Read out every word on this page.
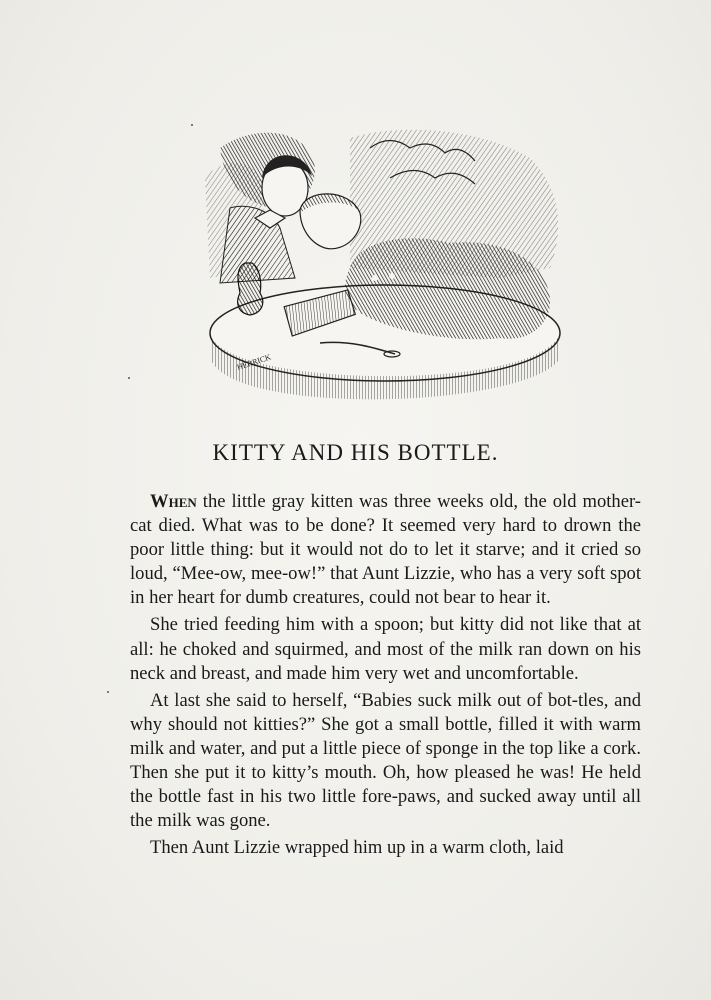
HERRICK
KITTY AND HIS BOTTLE.

When the little gray kitten was three weeks old, the old mother-cat died. What was to be done? It seemed very hard to drown the poor little thing: but it would not do to let it starve; and it cried so loud, “Mee-ow, mee-ow!” that Aunt Lizzie, who has a very soft spot in her heart for dumb creatures, could not bear to hear it.

She tried feeding him with a spoon; but kitty did not like that at all: he choked and squirmed, and most of the milk ran down on his neck and breast, and made him very wet and uncomfortable.

At last she said to herself, “Babies suck milk out of bot-tles, and why should not kitties?” She got a small bottle, filled it with warm milk and water, and put a little piece of sponge in the top like a cork. Then she put it to kitty’s mouth. Oh, how pleased he was! He held the bottle fast in his two little fore-paws, and sucked away until all the milk was gone.

Then Aunt Lizzie wrapped him up in a warm cloth, laid
